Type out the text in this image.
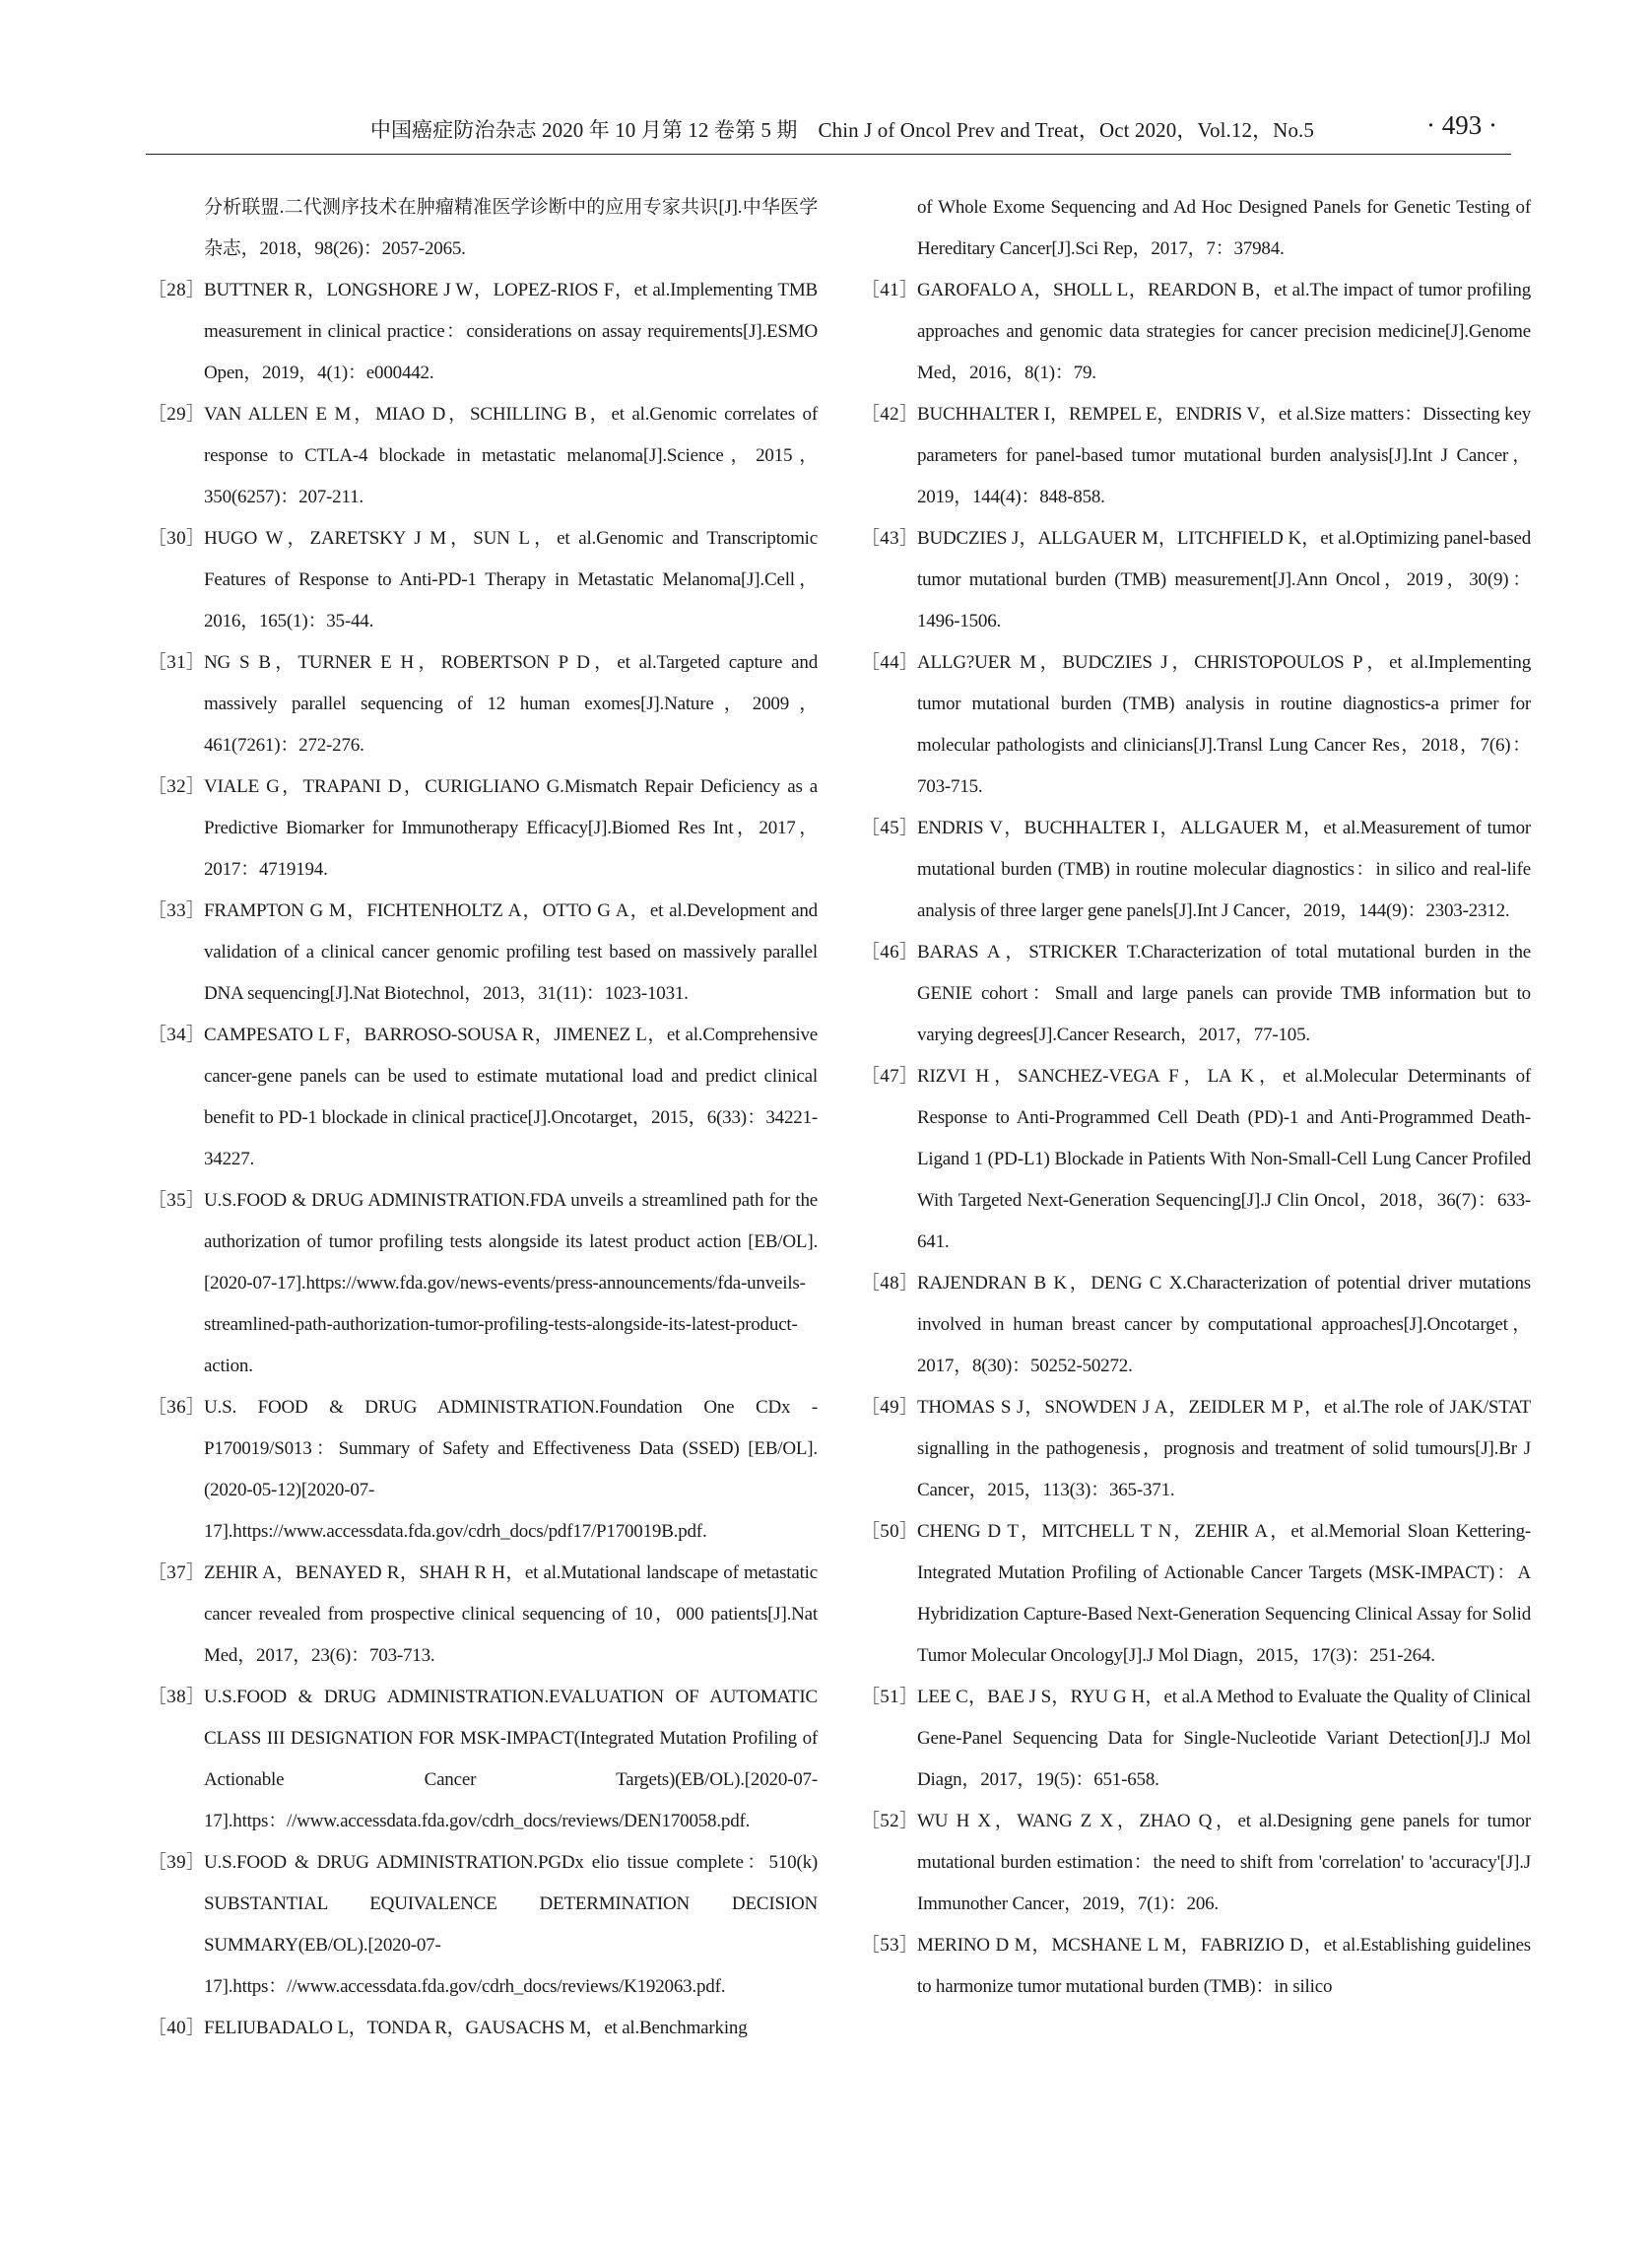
中国癌症防治杂志 2020 年 10 月第 12 卷第 5 期　Chin J of Oncol Prev and Treat，Oct 2020，Vol.12，No.5	· 493 ·
分析联盟.二代测序技术在肿瘤精准医学诊断中的应用专家共识[J].中华医学杂志，2018，98(26)：2057-2065.
［28］
BUTTNER R，LONGSHORE J W，LOPEZ-RIOS F，et al.Implementing TMB measurement in clinical practice：considerations on assay requirements[J].ESMO Open，2019，4(1)：e000442.
［29］
VAN ALLEN E M，MIAO D，SCHILLING B，et al.Genomic correlates of response to CTLA-4 blockade in metastatic melanoma[J].Science，2015，350(6257)：207-211.
［30］
HUGO W，ZARETSKY J M，SUN L，et al.Genomic and Transcriptomic Features of Response to Anti-PD-1 Therapy in Metastatic Melanoma[J].Cell，2016，165(1)：35-44.
［31］
NG S B，TURNER E H，ROBERTSON P D，et al.Targeted capture and massively parallel sequencing of 12 human exomes[J].Nature，2009，461(7261)：272-276.
［32］
VIALE G，TRAPANI D，CURIGLIANO G.Mismatch Repair Deficiency as a Predictive Biomarker for Immunotherapy Efficacy[J].Biomed Res Int，2017，2017：4719194.
［33］
FRAMPTON G M，FICHTENHOLTZ A，OTTO G A，et al.Development and validation of a clinical cancer genomic profiling test based on massively parallel DNA sequencing[J].Nat Biotechnol，2013，31(11)：1023-1031.
［34］
CAMPESATO L F，BARROSO-SOUSA R，JIMENEZ L，et al.Comprehensive cancer-gene panels can be used to estimate mutational load and predict clinical benefit to PD-1 blockade in clinical practice[J].Oncotarget，2015，6(33)：34221-34227.
［35］
U.S.FOOD & DRUG ADMINISTRATION.FDA unveils a streamlined path for the authorization of tumor profiling tests alongside its latest product action [EB/OL].[2020-07-17].https://www.fda.gov/news-events/press-announcements/fda-unveils-streamlined-path-authorization-tumor-profiling-tests-alongside-its-latest-product-action.
［36］
U.S. FOOD & DRUG ADMINISTRATION.Foundation One CDx - P170019/S013：Summary of Safety and Effectiveness Data (SSED) [EB/OL].(2020-05-12)[2020-07-17].https://www.accessdata.fda.gov/cdrh_docs/pdf17/P170019B.pdf.
［37］
ZEHIR A，BENAYED R，SHAH R H，et al.Mutational landscape of metastatic cancer revealed from prospective clinical sequencing of 10，000 patients[J].Nat Med，2017，23(6)：703-713.
［38］
U.S.FOOD & DRUG ADMINISTRATION.EVALUATION OF AUTOMATIC CLASS III DESIGNATION FOR MSK-IMPACT(Integrated Mutation Profiling of Actionable Cancer Targets)(EB/OL).[2020-07-17].https：//www.accessdata.fda.gov/cdrh_docs/reviews/DEN170058.pdf.
［39］
U.S.FOOD & DRUG ADMINISTRATION.PGDx elio tissue complete：510(k) SUBSTANTIAL EQUIVALENCE DETERMINATION DECISION SUMMARY(EB/OL).[2020-07-17].https：//www.accessdata.fda.gov/cdrh_docs/reviews/K192063.pdf.
［40］
FELIUBADALO L，TONDA R，GAUSACHS M，et al.Benchmarking
of Whole Exome Sequencing and Ad Hoc Designed Panels for Genetic Testing of Hereditary Cancer[J].Sci Rep，2017，7：37984.
［41］
GAROFALO A，SHOLL L，REARDON B，et al.The impact of tumor profiling approaches and genomic data strategies for cancer precision medicine[J].Genome Med，2016，8(1)：79.
［42］
BUCHHALTER I，REMPEL E，ENDRIS V，et al.Size matters：Dissecting key parameters for panel-based tumor mutational burden analysis[J].Int J Cancer，2019，144(4)：848-858.
［43］
BUDCZIES J，ALLGAUER M，LITCHFIELD K，et al.Optimizing panel-based tumor mutational burden (TMB) measurement[J].Ann Oncol，2019，30(9)：1496-1506.
［44］
ALLG?UER M，BUDCZIES J，CHRISTOPOULOS P，et al.Implementing tumor mutational burden (TMB) analysis in routine diagnostics-a primer for molecular pathologists and clinicians[J].Transl Lung Cancer Res，2018，7(6)：703-715.
［45］
ENDRIS V，BUCHHALTER I，ALLGAUER M，et al.Measurement of tumor mutational burden (TMB) in routine molecular diagnostics：in silico and real-life analysis of three larger gene panels[J].Int J Cancer，2019，144(9)：2303-2312.
［46］
BARAS A，STRICKER T.Characterization of total mutational burden in the GENIE cohort：Small and large panels can provide TMB information but to varying degrees[J].Cancer Research，2017，77-105.
［47］
RIZVI H，SANCHEZ-VEGA F，LA K，et al.Molecular Determinants of Response to Anti-Programmed Cell Death (PD)-1 and Anti-Programmed Death-Ligand 1 (PD-L1) Blockade in Patients With Non-Small-Cell Lung Cancer Profiled With Targeted Next-Generation Sequencing[J].J Clin Oncol，2018，36(7)：633-641.
［48］
RAJENDRAN B K，DENG C X.Characterization of potential driver mutations involved in human breast cancer by computational approaches[J].Oncotarget，2017，8(30)：50252-50272.
［49］
THOMAS S J，SNOWDEN J A，ZEIDLER M P，et al.The role of JAK/STAT signalling in the pathogenesis，prognosis and treatment of solid tumours[J].Br J Cancer，2015，113(3)：365-371.
［50］
CHENG D T，MITCHELL T N，ZEHIR A，et al.Memorial Sloan Kettering-Integrated Mutation Profiling of Actionable Cancer Targets (MSK-IMPACT)：A Hybridization Capture-Based Next-Generation Sequencing Clinical Assay for Solid Tumor Molecular Oncology[J].J Mol Diagn，2015，17(3)：251-264.
［51］
LEE C，BAE J S，RYU G H，et al.A Method to Evaluate the Quality of Clinical Gene-Panel Sequencing Data for Single-Nucleotide Variant Detection[J].J Mol Diagn，2017，19(5)：651-658.
［52］
WU H X，WANG Z X，ZHAO Q，et al.Designing gene panels for tumor mutational burden estimation：the need to shift from 'correlation' to 'accuracy'[J].J Immunother Cancer，2019，7(1)：206.
［53］
MERINO D M，MCSHANE L M，FABRIZIO D，et al.Establishing guidelines to harmonize tumor mutational burden (TMB)：in silico
